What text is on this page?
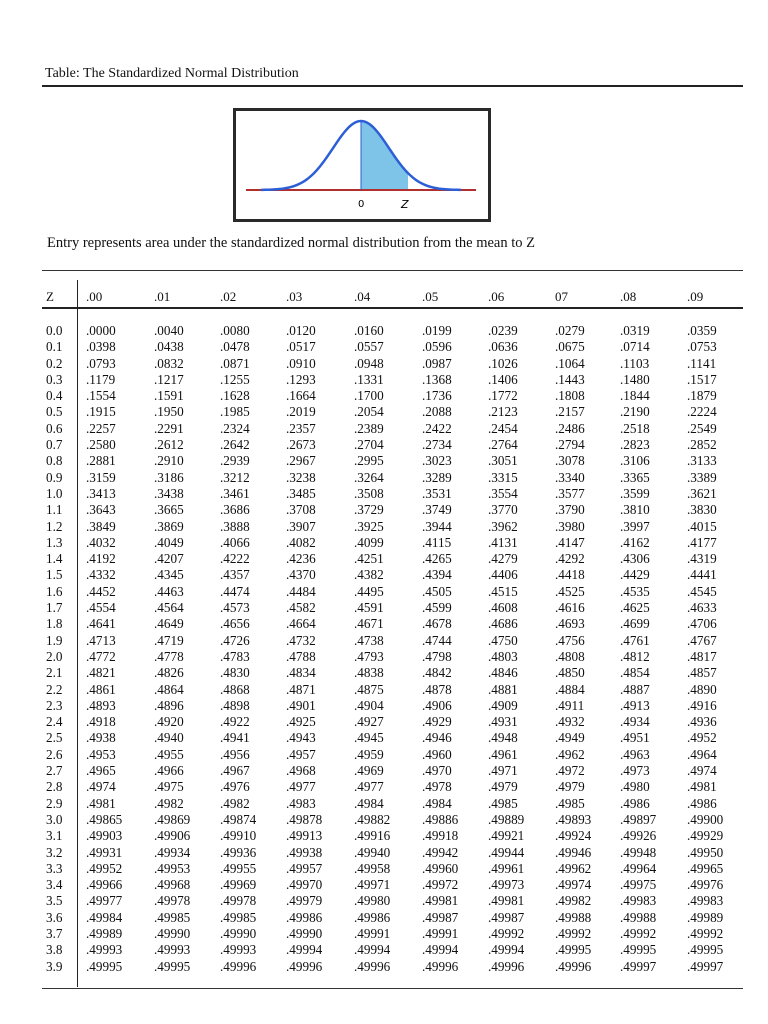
Table: The Standardized Normal Distribution
0	Z
Entry represents area under the standardized normal distribution from the mean to Z
Z .00	.01	.02	.03	.04	.05	.06	07	.08	.09
0.0 .0000	.0040	.0080	.0120	.0160	.0199	.0239	.0279	.0319	.0359
0.1 .0398	.0438	.0478	.0517	.0557	.0596	.0636	.0675	.0714	.0753
0.2 .0793	.0832	.0871	.0910	.0948	.0987	.1026	.1064	.1103	.1141
0.3 .1179	.1217	.1255	.1293	.1331	.1368	.1406	.1443	.1480	.1517
0.4 .1554	.1591	.1628	.1664	.1700	.1736	.1772	.1808	.1844	.1879
0.5 .1915	.1950	.1985	.2019	.2054	.2088	.2123	.2157	.2190	.2224
0.6 .2257	.2291	.2324	.2357	.2389	.2422	.2454	.2486	.2518	.2549
0.7 .2580	.2612	.2642	.2673	.2704	.2734	.2764	.2794	.2823	.2852
0.8 .2881	.2910	.2939	.2967	.2995	.3023	.3051	.3078	.3106	.3133
0.9 .3159	.3186	.3212	.3238	.3264	.3289	.3315	.3340	.3365	.3389
1.0 .3413	.3438	.3461	.3485	.3508	.3531	.3554	.3577	.3599	.3621
1.1 .3643	.3665	.3686	.3708	.3729	.3749	.3770	.3790	.3810	.3830
1.2 .3849	.3869	.3888	.3907	.3925	.3944	.3962	.3980	.3997	.4015
1.3 .4032	.4049	.4066	.4082	.4099	.4115	.4131	.4147	.4162	.4177
1.4 .4192	.4207	.4222	.4236	.4251	.4265	.4279	.4292	.4306	.4319
1.5 .4332	.4345	.4357	.4370	.4382	.4394	.4406	.4418	.4429	.4441
1.6 .4452	.4463	.4474	.4484	.4495	.4505	.4515	.4525	.4535	.4545
1.7 .4554	.4564	.4573	.4582	.4591	.4599	.4608	.4616	.4625	.4633
1.8 .4641	.4649	.4656	.4664	.4671	.4678	.4686	.4693	.4699	.4706
1.9 .4713	.4719	.4726	.4732	.4738	.4744	.4750	.4756	.4761	.4767
2.0 .4772	.4778	.4783	.4788	.4793	.4798	.4803	.4808	.4812	.4817
2.1 .4821	.4826	.4830	.4834	.4838	.4842	.4846	.4850	.4854	.4857
2.2 .4861	.4864	.4868	.4871	.4875	.4878	.4881	.4884	.4887	.4890
2.3 .4893	.4896	.4898	.4901	.4904	.4906	.4909	.4911	.4913	.4916
2.4 .4918	.4920	.4922	.4925	.4927	.4929	.4931	.4932	.4934	.4936
2.5 .4938	.4940	.4941	.4943	.4945	.4946	.4948	.4949	.4951	.4952
2.6 .4953	.4955	.4956	.4957	.4959	.4960	.4961	.4962	.4963	.4964
2.7 .4965	.4966	.4967	.4968	.4969	.4970	.4971	.4972	.4973	.4974
2.8 .4974	.4975	.4976	.4977	.4977	.4978	.4979	.4979	.4980	.4981
2.9 .4981	.4982	.4982	.4983	.4984	.4984	.4985	.4985	.4986	.4986
3.0 .49865 .49869 .49874 .49878 .49882 .49886 .49889 .49893 .49897 .49900
3.1 .49903 .49906 .49910 .49913 .49916 .49918 .49921 .49924 .49926 .49929
3.2 .49931 .49934 .49936 .49938 .49940 .49942 .49944 .49946 .49948 .49950
3.3 .49952 .49953 .49955 .49957 .49958 .49960 .49961 .49962 .49964 .49965
3.4 .49966 .49968 .49969 .49970 .49971 .49972 .49973 .49974 .49975 .49976
3.5 .49977 .49978 .49978 .49979 .49980 .49981 .49981 .49982 .49983 .49983
3.6 .49984 .49985 .49985 .49986 .49986 .49987 .49987 .49988 .49988 .49989
3.7 .49989 .49990 .49990 .49990 .49991 .49991 .49992 .49992 .49992 .49992
3.8 .49993 .49993 .49993 .49994 .49994 .49994 .49994 .49995 .49995 .49995
3.9 .49995 .49995 .49996 .49996 .49996 .49996 .49996 .49996 .49997 .49997
